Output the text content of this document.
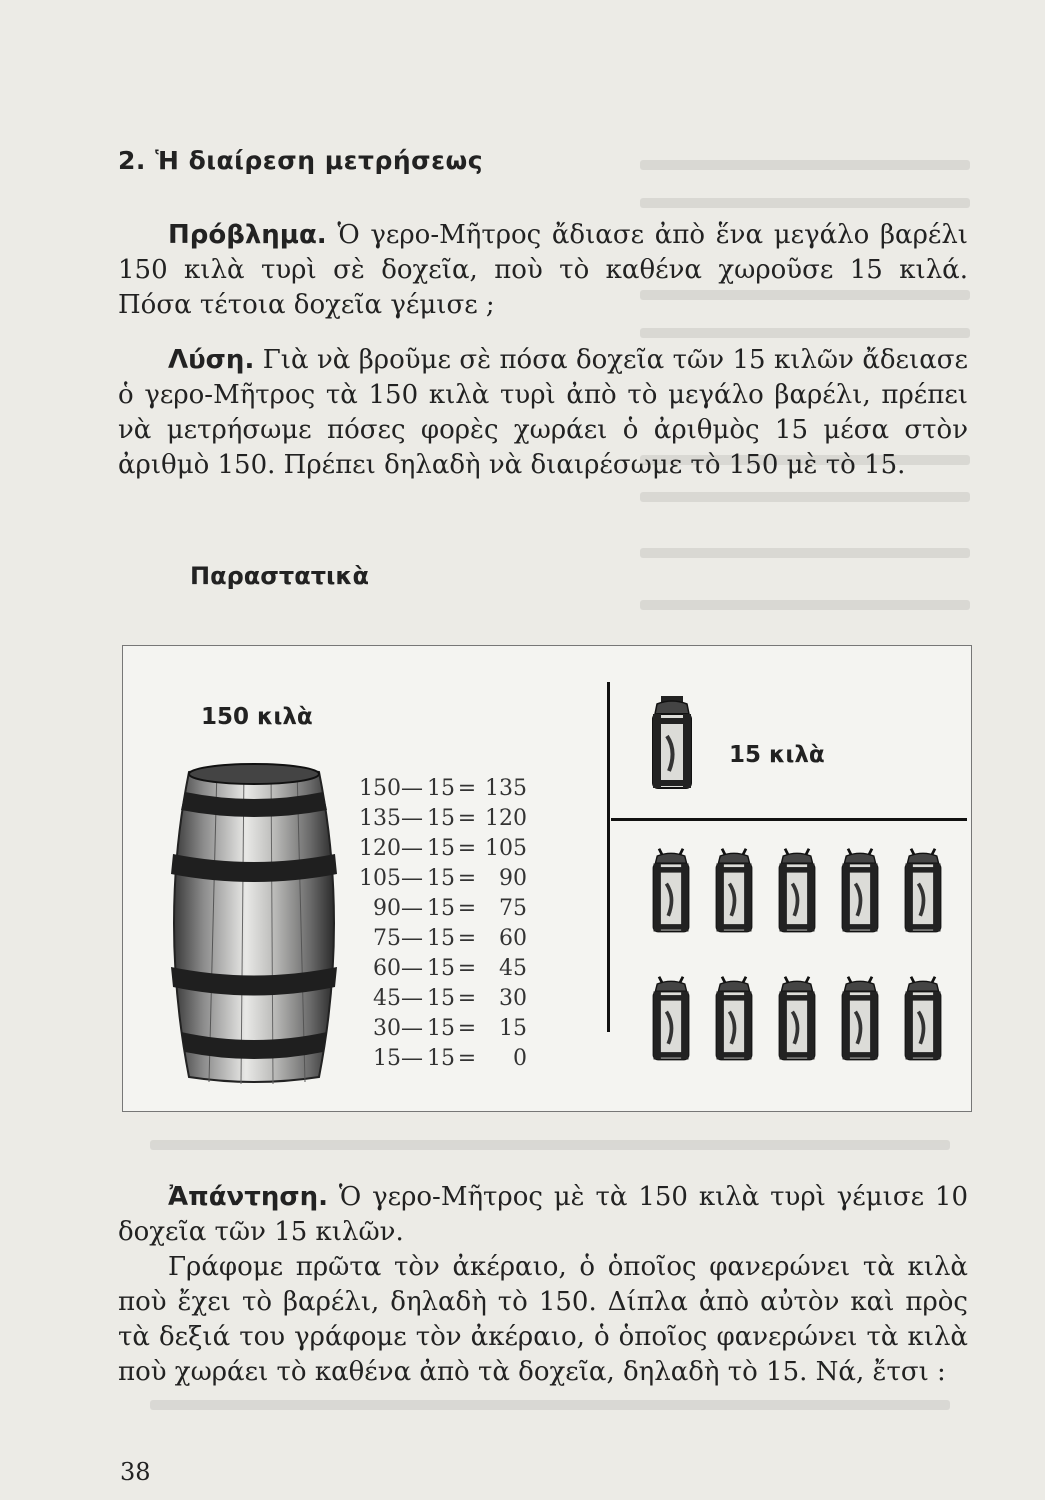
2. Ἡ διαίρεση μετρήσεως
Πρόβλημα. Ὁ γερο-Μῆτρος ἄδιασε ἀπὸ ἕνα μεγάλο βαρέλι 150 κιλὰ τυρὶ σὲ δοχεῖα, ποὺ τὸ καθένα χωροῦσε 15 κιλά. Πόσα τέτοια δοχεῖα γέμισε ;
Λύση. Γιὰ νὰ βροῦμε σὲ πόσα δοχεῖα τῶν 15 κιλῶν ἄδειασε ὁ γερο-Μῆτρος τὰ 150 κιλὰ τυρὶ ἀπὸ τὸ μεγάλο βαρέλι, πρέπει νὰ μετρήσωμε πόσες φορὲς χωράει ὁ ἀριθμὸς 15 μέσα στὸν ἀριθμὸ 150. Πρέπει δηλαδὴ νὰ διαιρέσωμε τὸ 150 μὲ τὸ 15.
Παραστατικὰ
150 κιλὰ
150 — 15 = 135
135 — 15 = 120
120 — 15 = 105
105 — 15 =	90
90 — 15 =	75
75 — 15 =	60
60 — 15 =	45
45 — 15 =	30
30 — 15 =	15
15 — 15 =	0
15 κιλὰ
Ἀπάντηση. Ὁ γερο-Μῆτρος μὲ τὰ 150 κιλὰ τυρὶ γέμισε 10 δοχεῖα τῶν 15 κιλῶν.
Γράφομε πρῶτα τὸν ἀκέραιο, ὁ ὁποῖος φανερώνει τὰ κιλὰ ποὺ ἔχει τὸ βαρέλι, δηλαδὴ τὸ 150. Δίπλα ἀπὸ αὐτὸν καὶ πρὸς τὰ δεξιά του γράφομε τὸν ἀκέραιο, ὁ ὁποῖος φανερώνει τὰ κιλὰ ποὺ χωράει τὸ καθένα ἀπὸ τὰ δοχεῖα, δηλαδὴ τὸ 15. Νά, ἔτσι :
38
